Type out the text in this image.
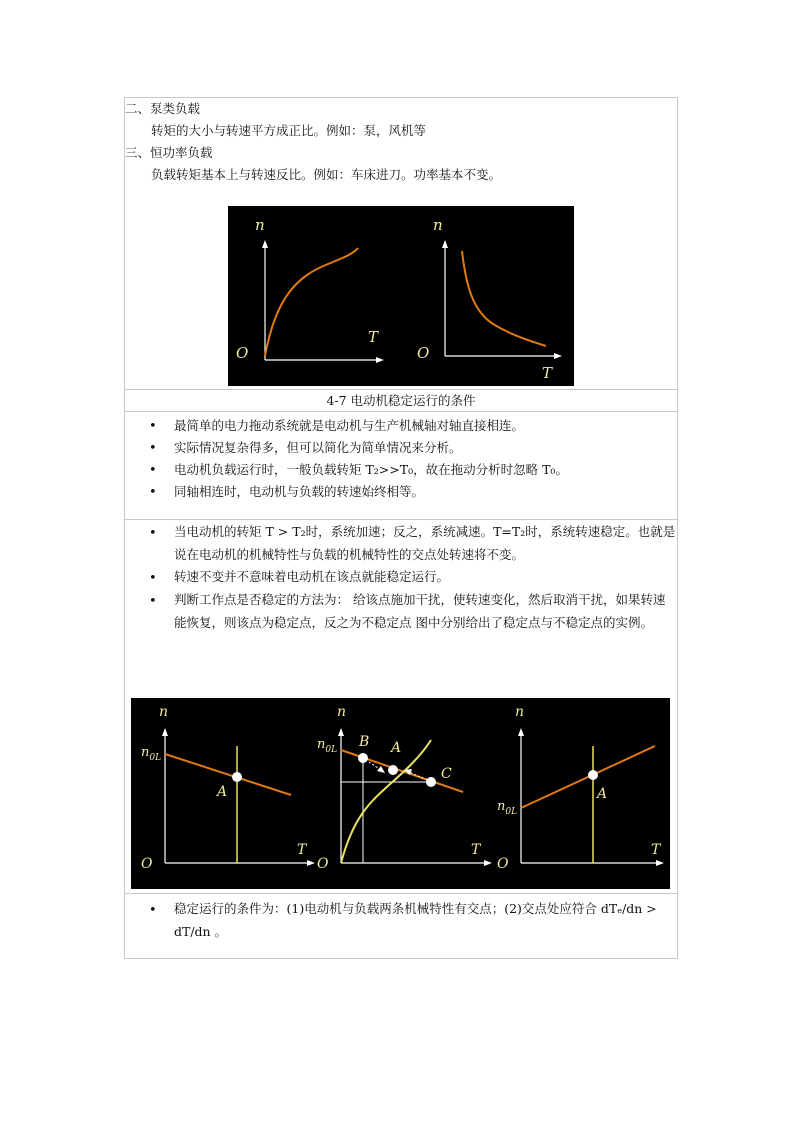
二、泵类负载
转矩的大小与转速平方成正比。例如：泵，风机等
三、恒功率负载
负载转矩基本上与转速反比。例如：车床进刀。功率基本不变。
n
T
O
n
T
O
4-7 电动机稳定运行的条件
• 最简单的电力拖动系统就是电动机与生产机械轴对轴直接相连。
• 实际情况复杂得多，但可以简化为简单情况来分析。
• 电动机负载运行时，一般负载转矩 T₂>>T₀，故在拖动分析时忽略 T₀。
• 同轴相连时，电动机与负载的转速始终相等。
• 当电动机的转矩 T > T₂时，系统加速；反之，系统减速。T=T₂时，系统转速稳定。也就是说在电动机的机械特性与负载的机械特性的交点处转速将不变。
• 转速不变并不意味着电动机在该点就能稳定运行。
• 判断工作点是否稳定的方法为： 给该点施加干扰，使转速变化，然后取消干扰，如果转速能恢复，则该点为稳定点，反之为不稳定点 图中分别给出了稳定点与不稳定点的实例。
n
T
O
$n_{0L}$
A
n
T
O
$n_{0L}$ B A
C
n
T
O
$n_{0L}$
A
• 稳定运行的条件为：(1)电动机与负载两条机械特性有交点；(2)交点处应符合 dTₑ/dn > dT/dn 。
